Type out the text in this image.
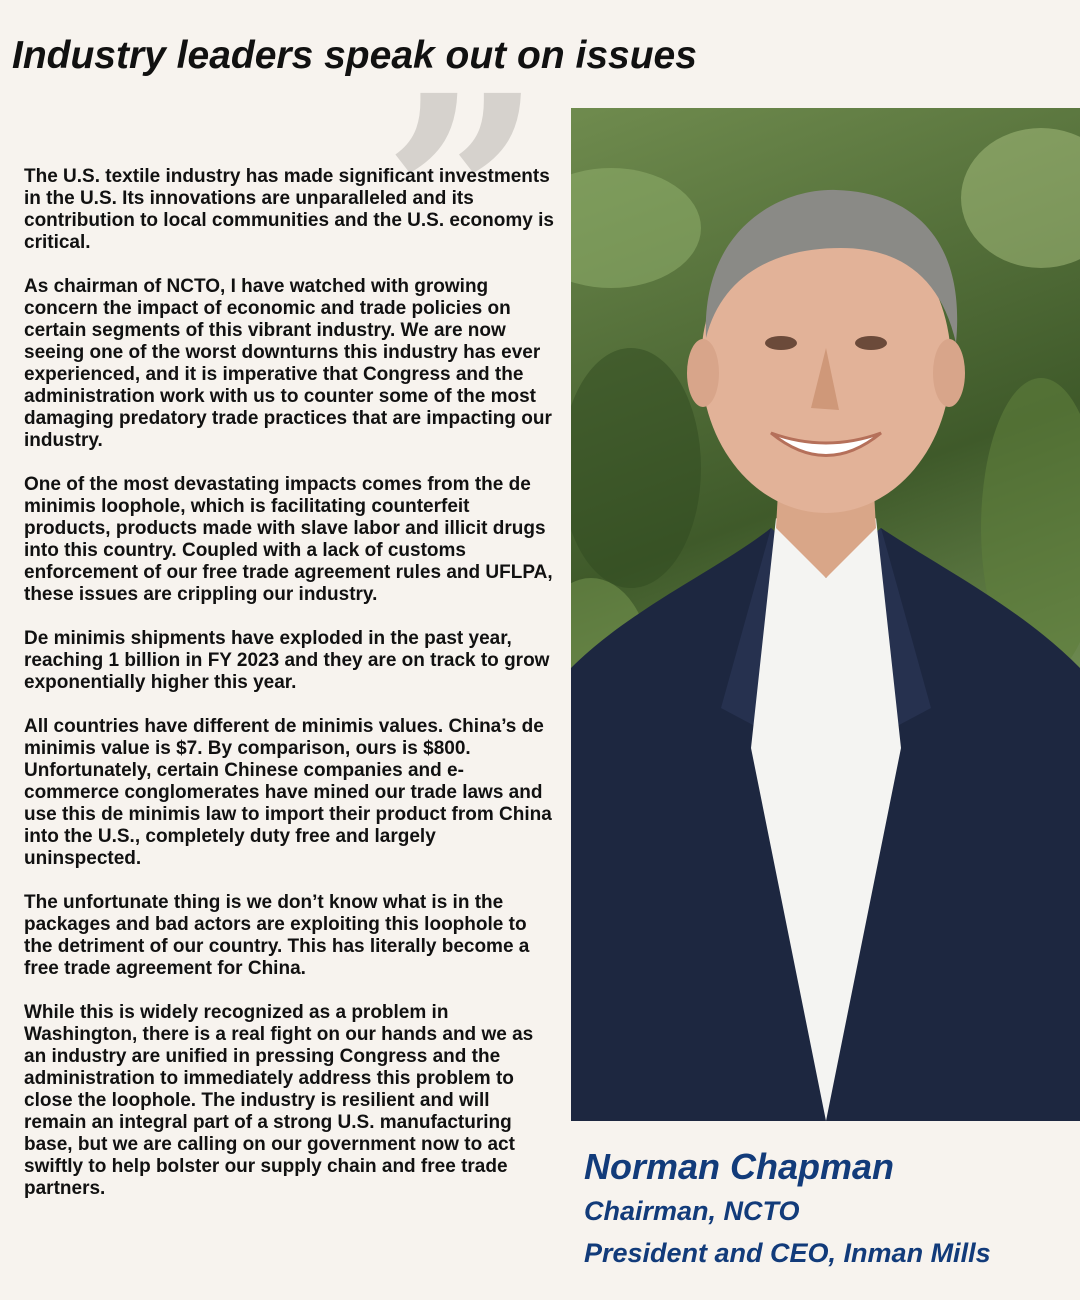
Industry leaders speak out on issues
”

The U.S. textile industry has made significant investments in the U.S. Its innovations are unparalleled and its contribution to local communities and the U.S. economy is critical.

As chairman of NCTO, I have watched with growing concern the impact of economic and trade policies on certain segments of this vibrant industry. We are now seeing one of the worst downturns this industry has ever experienced, and it is imperative that Congress and the administration work with us to counter some of the most damaging predatory trade practices that are impacting our industry.

One of the most devastating impacts comes from the de minimis loophole, which is facilitating counterfeit products, products made with slave labor and illicit drugs into this country. Coupled with a lack of customs enforcement of our free trade agreement rules and UFLPA, these issues are crippling our industry.

De minimis shipments have exploded in the past year, reaching 1 billion in FY 2023 and they are on track to grow exponentially higher this year.

All countries have different de minimis values. China’s de minimis value is $7. By comparison, ours is $800. Unfortunately, certain Chinese companies and e-commerce conglomerates have mined our trade laws and use this de minimis law to import their product from China into the U.S., completely duty free and largely uninspected.

The unfortunate thing is we don’t know what is in the packages and bad actors are exploiting this loophole to the detriment of our country. This has literally become a free trade agreement for China.

While this is widely recognized as a problem in Washington, there is a real fight on our hands and we as an industry are unified in pressing Congress and the administration to immediately address this problem to close the loophole. The industry is resilient and will remain an integral part of a strong U.S. manufacturing base, but we are calling on our government now to act swiftly to help bolster our supply chain and free trade partners.

Norman Chapman
Chairman, NCTO
President and CEO, Inman Mills
